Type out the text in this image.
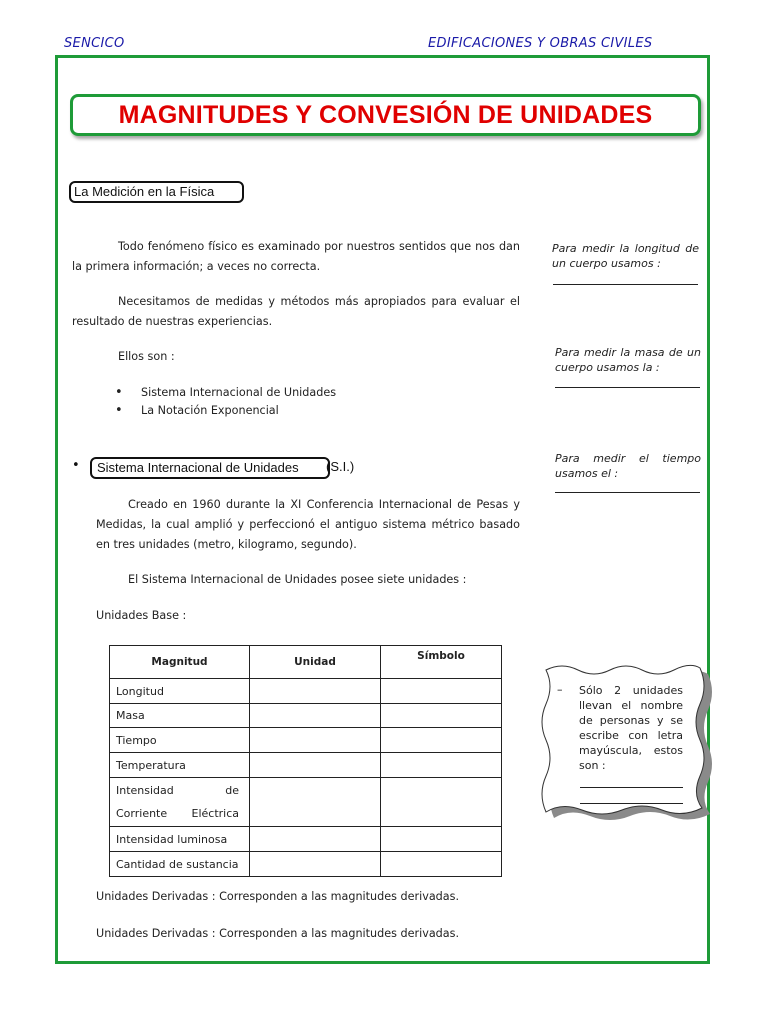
SENCICO	EDIFICACIONES Y OBRAS CIVILES
MAGNITUDES Y CONVESIÓN DE UNIDADES
La Medición en la Física
Todo fenómeno físico es examinado por nuestros sentidos que nos dan la primera información; a veces no correcta.
Necesitamos de medidas y métodos más apropiados para evaluar el resultado de nuestras experiencias.
Ellos son :
•	Sistema Internacional de Unidades
•	La Notación Exponencial
•	Sistema Internacional de Unidades	(S.I.)
Creado en 1960 durante la XI Conferencia Internacional de Pesas y Medidas, la cual amplió y perfeccionó el antiguo sistema métrico basado en tres unidades (metro, kilogramo, segundo).
El Sistema Internacional de Unidades posee siete unidades :
Unidades Base :
Magnitud	Unidad	Símbolo
Longitud		
Masa		
Tiempo		
Temperatura		
Intensidad de Corriente Eléctrica		
Intensidad luminosa		
Cantidad de sustancia		
Unidades Derivadas : Corresponden a las magnitudes derivadas.
Unidades Derivadas : Corresponden a las magnitudes derivadas.
Para medir la longitud de un cuerpo usamos :
Para medir la masa de un cuerpo usamos la :
Para medir el tiempo usamos el :
– Sólo 2 unidades llevan el nombre de personas y se escribe con letra mayúscula, estos son :
